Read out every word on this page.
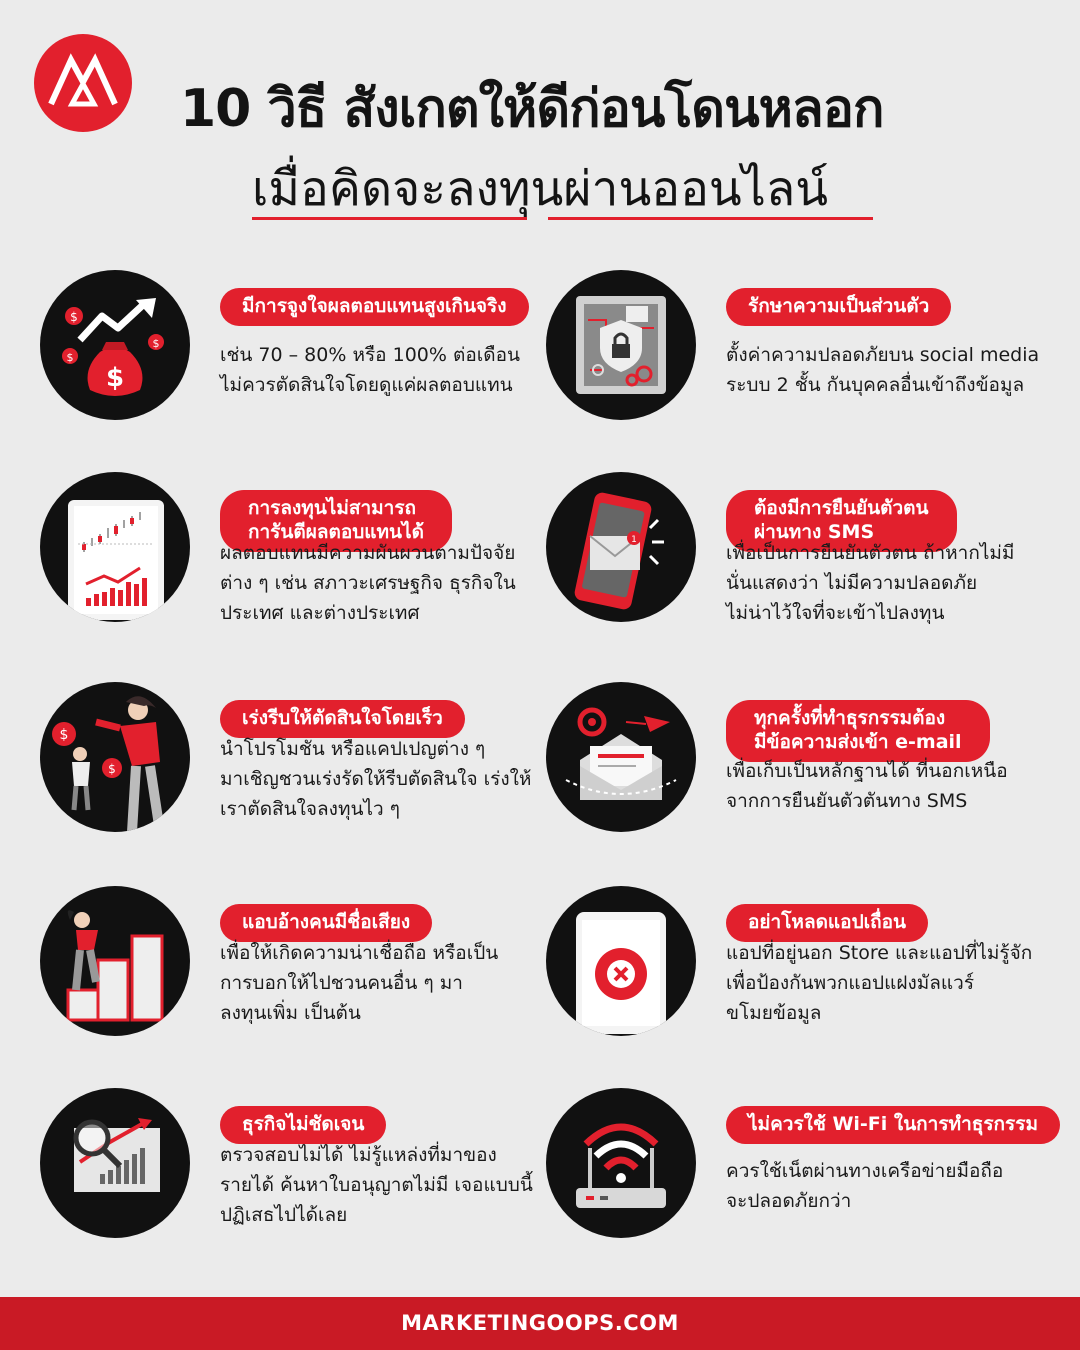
10 วิธี สังเกตให้ดีก่อนโดนหลอก
เมื่อคิดจะลงทุนผ่านออนไลน์
$
$
$
$
มีการจูงใจผลตอบแทนสูงเกินจริง
เช่น 70 – 80% หรือ 100% ต่อเดือน
ไม่ควรตัดสินใจโดยดูแค่ผลตอบแทน
รักษาความเป็นส่วนตัว
ตั้งค่าความปลอดภัยบน social media
ระบบ 2 ชั้น กันบุคคลอื่นเข้าถึงข้อมูล
การลงทุนไม่สามารถ
การันตีผลตอบแทนได้
ผลตอบแทนมีความผันผวนตามปัจจัย
ต่าง ๆ เช่น สภาวะเศรษฐกิจ ธุรกิจใน
ประเทศ และต่างประเทศ
1
ต้องมีการยืนยันตัวตน
ผ่านทาง SMS
เพื่อเป็นการยืนยันตัวตน ถ้าหากไม่มี
นั่นแสดงว่า ไม่มีความปลอดภัย
ไม่น่าไว้ใจที่จะเข้าไปลงทุน
$
$
เร่งรีบให้ตัดสินใจโดยเร็ว
นำโปรโมชัน หรือแคปเปญต่าง ๆ
มาเชิญชวนเร่งรัดให้รีบตัดสินใจ เร่งให้
เราตัดสินใจลงทุนไว ๆ
ทุกครั้งที่ทำธุรกรรมต้อง
มีข้อความส่งเข้า e-mail
เพื่อเก็บเป็นหลักฐานได้ ที่นอกเหนือ
จากการยืนยันตัวตันทาง SMS
แอบอ้างคนมีชื่อเสียง
เพื่อให้เกิดความน่าเชื่อถือ หรือเป็น
การบอกให้ไปชวนคนอื่น ๆ มา
ลงทุนเพิ่ม เป็นต้น
อย่าโหลดแอปเถื่อน
แอปที่อยู่นอก Store และแอปที่ไม่รู้จัก
เพื่อป้องกันพวกแอปแฝงมัลแวร์
ขโมยข้อมูล
ธุรกิจไม่ชัดเจน
ตรวจสอบไม่ได้ ไม่รู้แหล่งที่มาของ
รายได้ ค้นหาใบอนุญาตไม่มี เจอแบบนี้
ปฏิเสธไปได้เลย
ไม่ควรใช้ Wi-Fi ในการทำธุรกรรม
ควรใช้เน็ตผ่านทางเครือข่ายมือถือ
จะปลอดภัยกว่า
MARKETINGOOPS.COM
